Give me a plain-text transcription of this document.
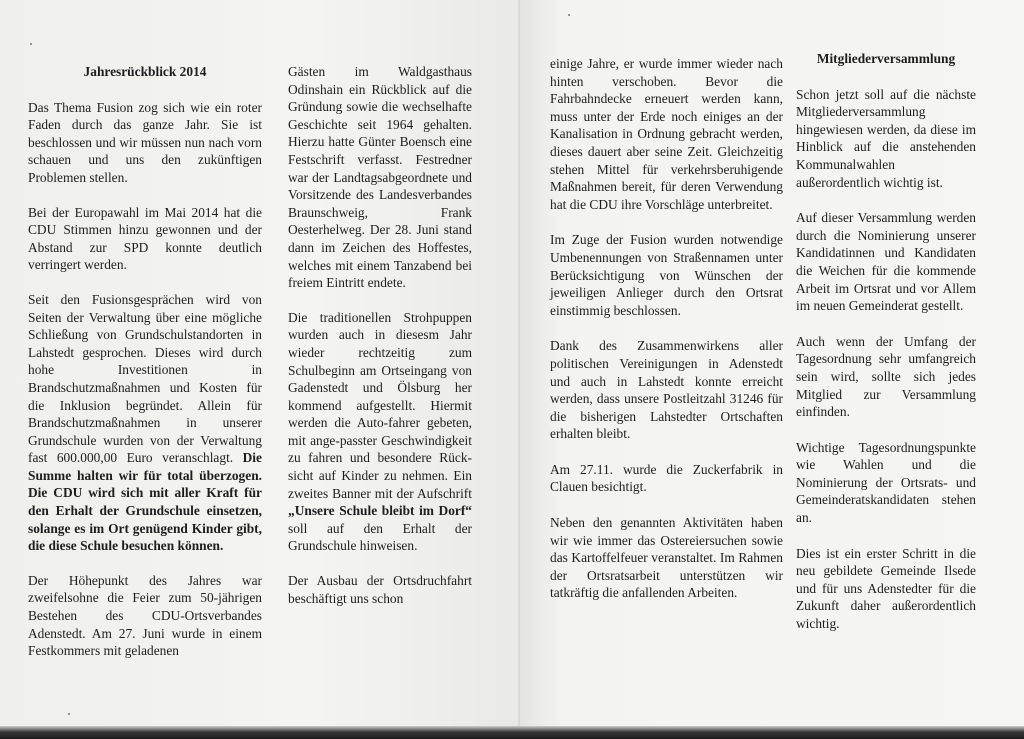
Jahresrückblick 2014

Das Thema Fusion zog sich wie ein roter Faden durch das ganze Jahr. Sie ist beschlossen und wir müssen nun nach vorn schauen und uns den zukünftigen Problemen stellen.

Bei der Europawahl im Mai 2014 hat die CDU Stimmen hinzu gewonnen und der Abstand zur SPD konnte deutlich verringert werden.

Seit den Fusionsgesprächen wird von Seiten der Verwaltung über eine mögliche Schließung von Grundschulstandorten in Lahstedt gesprochen. Dieses wird durch hohe Investitionen in Brandschutzmaßnahmen und Kosten für die Inklusion begründet. Allein für Brandschutzmaßnahmen in unserer Grundschule wurden von der Verwaltung fast 600.000,00 Euro veranschlagt. Die Summe halten wir für total überzogen. Die CDU wird sich mit aller Kraft für den Erhalt der Grundschule einsetzen, solange es im Ort genügend Kinder gibt, die diese Schule besuchen können.

Der Höhepunkt des Jahres war zweifelsohne die Feier zum 50-jährigen Bestehen des CDU-Ortsverbandes Adenstedt. Am 27. Juni wurde in einem Festkommers mit geladenen

Gästen im Waldgasthaus Odinshain ein Rückblick auf die Gründung sowie die wechselhafte Geschichte seit 1964 gehalten. Hierzu hatte Günter Boensch eine Festschrift verfasst. Festredner war der Landtagsabgeordnete und Vorsitzende des Landesverbandes Braunschweig, Frank Oesterhelweg. Der 28. Juni stand dann im Zeichen des Hoffestes, welches mit einem Tanzabend bei freiem Eintritt endete.

Die traditionellen Strohpuppen wurden auch in diesesm Jahr wieder rechtzeitig zum Schulbeginn am Ortseingang von Gadenstedt und Ölsburg her kommend aufgestellt. Hiermit werden die Auto-fahrer gebeten, mit ange-passter Geschwindigkeit zu fahren und besondere Rück-sicht auf Kinder zu nehmen. Ein zweites Banner mit der Aufschrift „Unsere Schule bleibt im Dorf“ soll auf den Erhalt der Grundschule hinweisen.

Der Ausbau der Ortsdruchfahrt beschäftigt uns schon

einige Jahre, er wurde immer wieder nach hinten verschoben. Bevor die Fahrbahndecke erneuert werden kann, muss unter der Erde noch einiges an der Kanalisation in Ordnung gebracht werden, dieses dauert aber seine Zeit. Gleichzeitig stehen Mittel für verkehrsberuhigende Maßnahmen bereit, für deren Verwendung hat die CDU ihre Vorschläge unterbreitet.

Im Zuge der Fusion wurden notwendige Umbenennungen von Straßennamen unter Berücksichtigung von Wünschen der jeweiligen Anlieger durch den Ortsrat einstimmig beschlossen.

Dank des Zusammenwirkens aller politischen Vereinigungen in Adenstedt und auch in Lahstedt konnte erreicht werden, dass unsere Postleitzahl 31246 für die bisherigen Lahstedter Ortschaften erhalten bleibt.

Am 27.11. wurde die Zuckerfabrik in Clauen besichtigt.

Neben den genannten Aktivitäten haben wir wie immer das Ostereiersuchen sowie das Kartoffelfeuer veranstaltet. Im Rahmen der Ortsratsarbeit unterstützen wir tatkräftig die anfallenden Arbeiten.

Mitgliederversammlung

Schon jetzt soll auf die nächste Mitgliederversammlung hingewiesen werden, da diese im Hinblick auf die anstehenden Kommunalwahlen außerordentlich wichtig ist.

Auf dieser Versammlung werden durch die Nominierung unserer Kandidatinnen und Kandidaten die Weichen für die kommende Arbeit im Ortsrat und vor Allem im neuen Gemeinderat gestellt.

Auch wenn der Umfang der Tagesordnung sehr umfangreich sein wird, sollte sich jedes Mitglied zur Versammlung einfinden.

Wichtige Tagesordnungspunkte wie Wahlen und die Nominierung der Ortsrats- und Gemeinderatskandidaten stehen an.

Dies ist ein erster Schritt in die neu gebildete Gemeinde Ilsede und für uns Adenstedter für die Zukunft daher außerordentlich wichtig.
